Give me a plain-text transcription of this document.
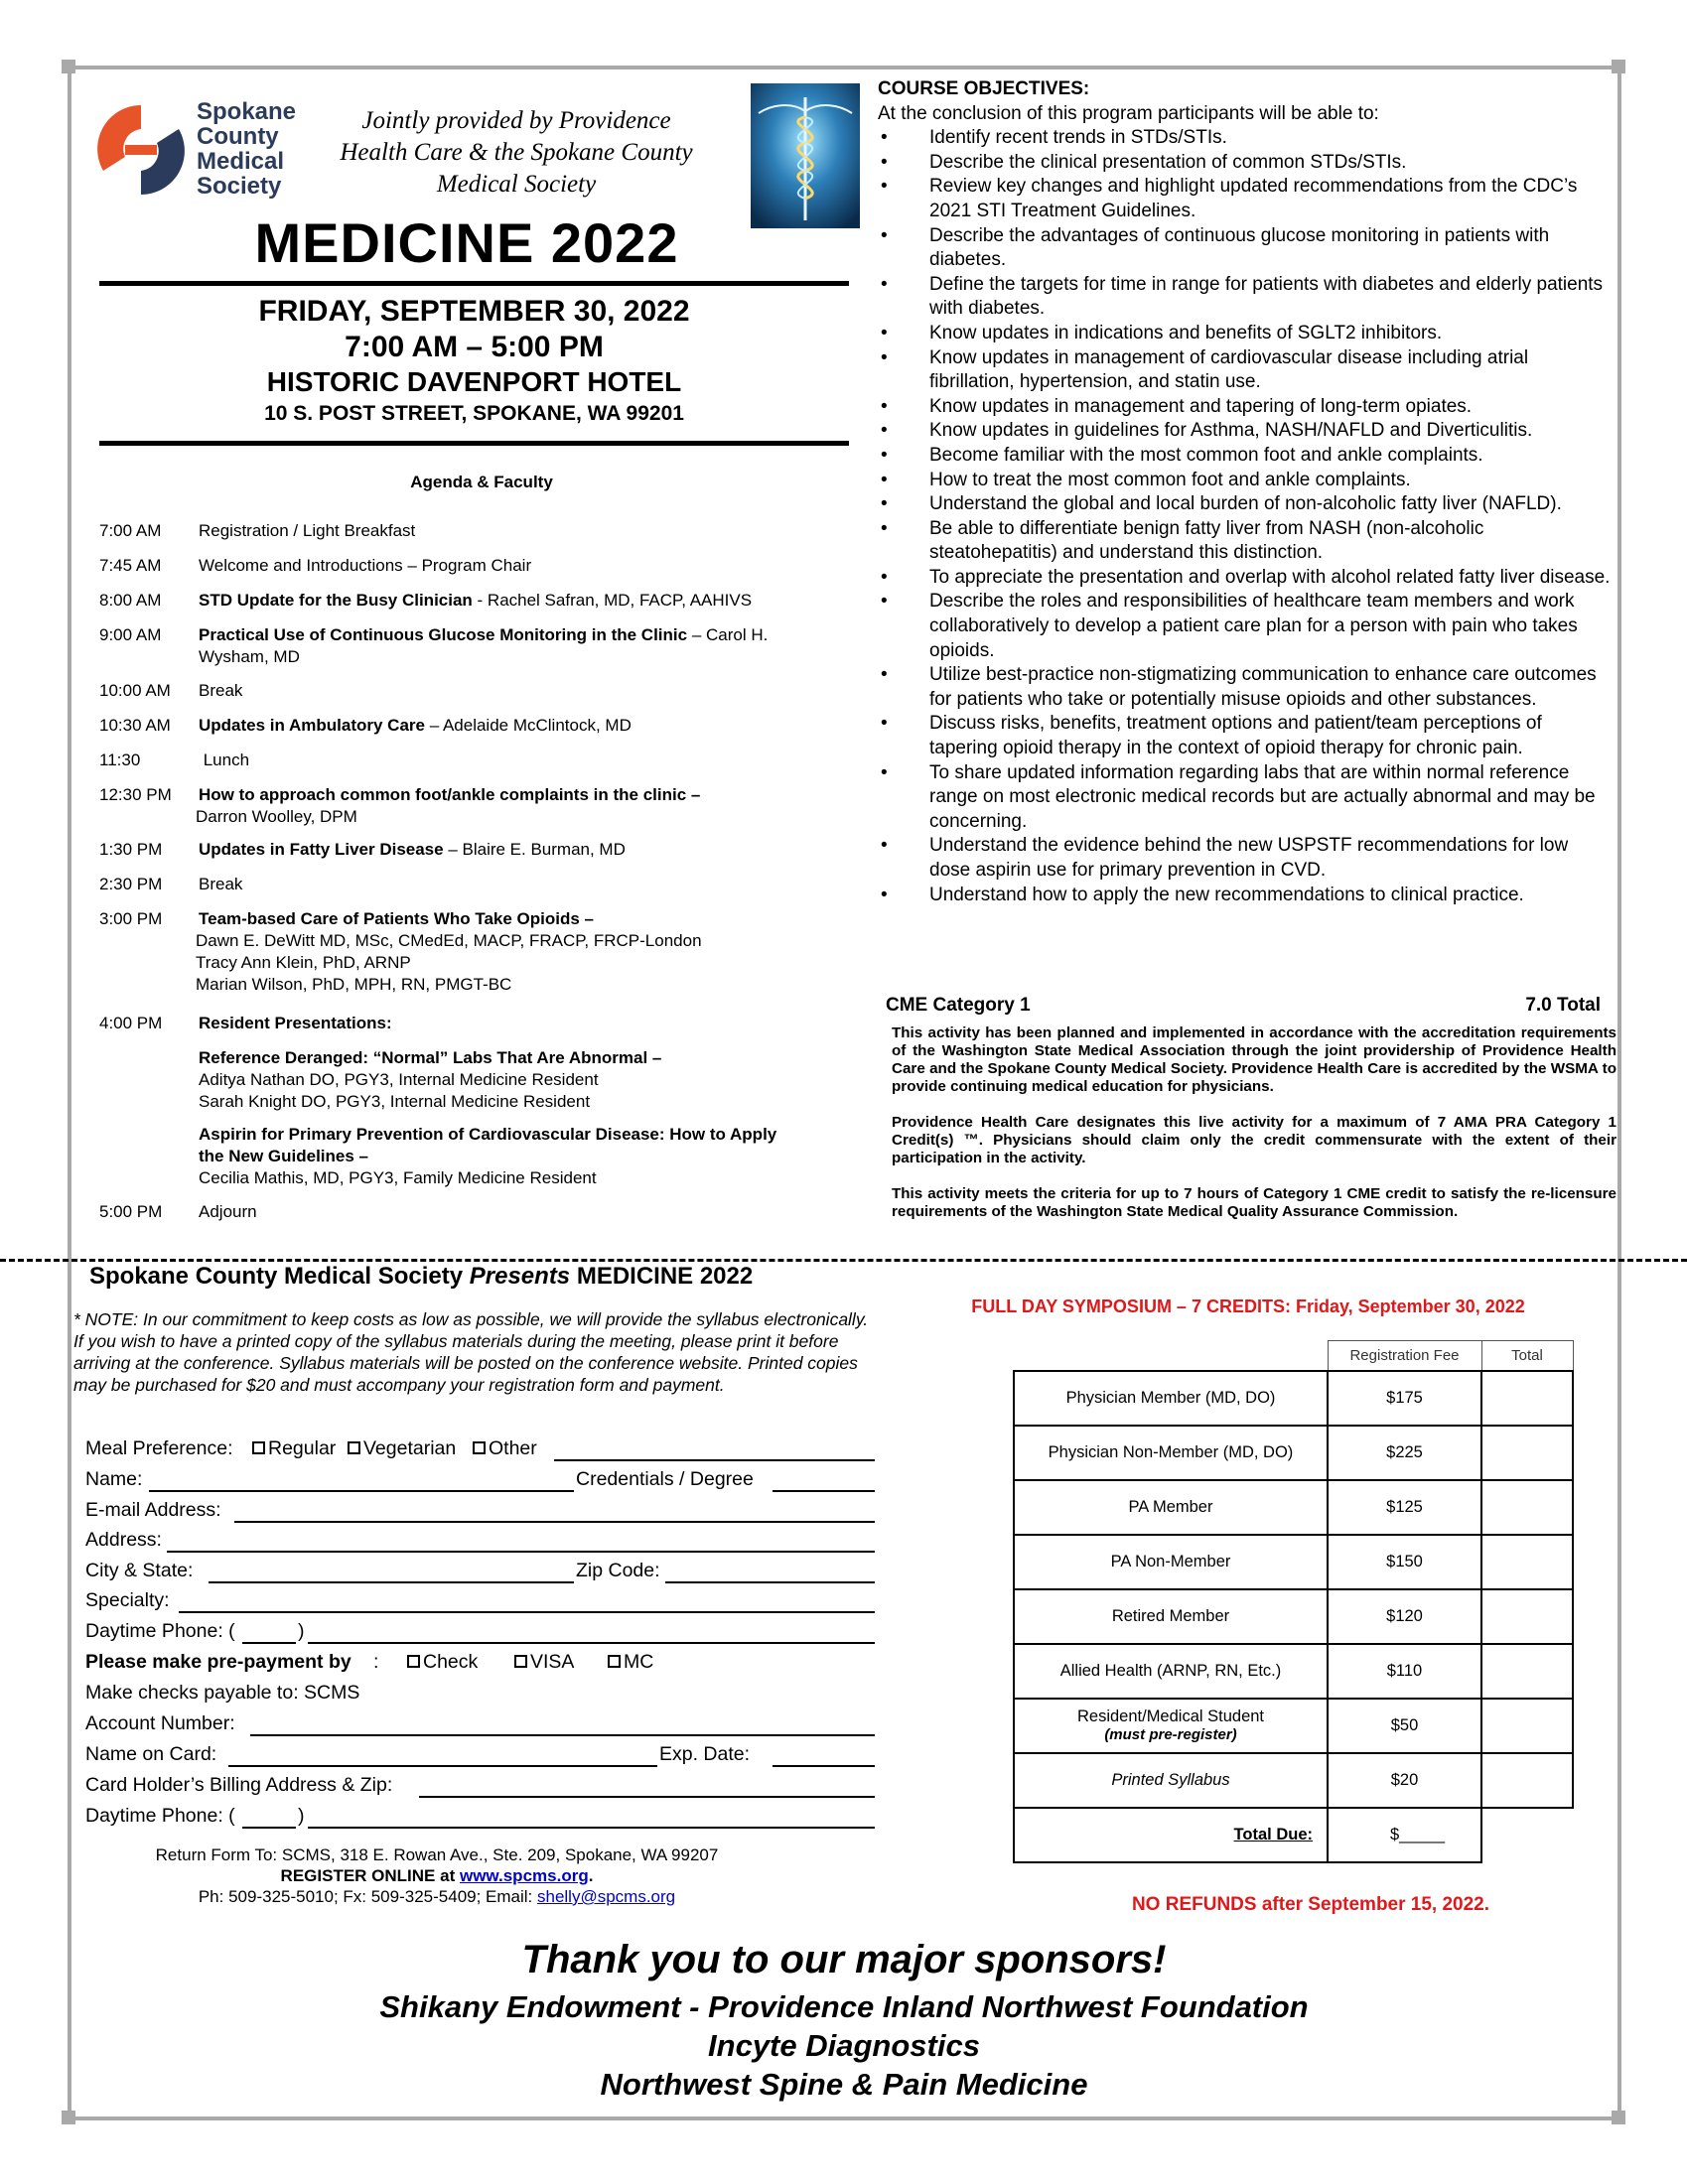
Spokane
County
Medical
Society
Jointly provided by Providence
Health Care & the Spokane County
Medical Society
MEDICINE 2022
FRIDAY, SEPTEMBER 30, 2022
7:00 AM – 5:00 PM
HISTORIC DAVENPORT HOTEL
10 S. POST STREET, SPOKANE, WA 99201
Agenda & Faculty
7:00 AM	Registration / Light Breakfast
7:45 AM	Welcome and Introductions – Program Chair
8:00 AM	STD Update for the Busy Clinician - Rachel Safran, MD, FACP, AAHIVS
9:00 AM	Practical Use of Continuous Glucose Monitoring in the Clinic – Carol H.
Wysham, MD
10:00 AM	Break
10:30 AM	Updates in Ambulatory Care – Adelaide McClintock, MD
11:30	Lunch
12:30 PM	How to approach common foot/ankle complaints in the clinic –
Darron Woolley, DPM
1:30 PM	Updates in Fatty Liver Disease – Blaire E. Burman, MD
2:30 PM	Break
3:00 PM	Team-based Care of Patients Who Take Opioids –
Dawn E. DeWitt MD, MSc, CMedEd, MACP, FRACP, FRCP-London
Tracy Ann Klein, PhD, ARNP
Marian Wilson, PhD, MPH, RN, PMGT-BC
4:00 PM	Resident Presentations:
Reference Deranged: “Normal” Labs That Are Abnormal –
Aditya Nathan DO, PGY3, Internal Medicine Resident
Sarah Knight DO, PGY3, Internal Medicine Resident
Aspirin for Primary Prevention of Cardiovascular Disease: How to Apply
the New Guidelines –
Cecilia Mathis, MD, PGY3, Family Medicine Resident
5:00 PM	Adjourn
COURSE OBJECTIVES:
At the conclusion of this program participants will be able to:
• Identify recent trends in STDs/STIs.
• Describe the clinical presentation of common STDs/STIs.
• Review key changes and highlight updated recommendations from the CDC’s 2021 STI Treatment Guidelines.
• Describe the advantages of continuous glucose monitoring in patients with diabetes.
• Define the targets for time in range for patients with diabetes and elderly patients with diabetes.
• Know updates in indications and benefits of SGLT2 inhibitors.
• Know updates in management of cardiovascular disease including atrial fibrillation, hypertension, and statin use.
• Know updates in management and tapering of long-term opiates.
• Know updates in guidelines for Asthma, NASH/NAFLD and Diverticulitis.
• Become familiar with the most common foot and ankle complaints.
• How to treat the most common foot and ankle complaints.
• Understand the global and local burden of non-alcoholic fatty liver (NAFLD).
• Be able to differentiate benign fatty liver from NASH (non-alcoholic steatohepatitis) and understand this distinction.
• To appreciate the presentation and overlap with alcohol related fatty liver disease.
• Describe the roles and responsibilities of healthcare team members and work collaboratively to develop a patient care plan for a person with pain who takes opioids.
• Utilize best-practice non-stigmatizing communication to enhance care outcomes for patients who take or potentially misuse opioids and other substances.
• Discuss risks, benefits, treatment options and patient/team perceptions of tapering opioid therapy in the context of opioid therapy for chronic pain.
• To share updated information regarding labs that are within normal reference range on most electronic medical records but are actually abnormal and may be concerning.
• Understand the evidence behind the new USPSTF recommendations for low dose aspirin use for primary prevention in CVD.
• Understand how to apply the new recommendations to clinical practice.
CME Category 1	7.0 Total

This activity has been planned and implemented in accordance with the accreditation requirements of the Washington State Medical Association through the joint providership of Providence Health Care and the Spokane County Medical Society. Providence Health Care is accredited by the WSMA to provide continuing medical education for physicians.

Providence Health Care designates this live activity for a maximum of 7 AMA PRA Category 1 Credit(s) ™. Physicians should claim only the credit commensurate with the extent of their participation in the activity.

This activity meets the criteria for up to 7 hours of Category 1 CME credit to satisfy the re-licensure requirements of the Washington State Medical Quality Assurance Commission.

Spokane County Medical Society Presents MEDICINE 2022
* NOTE: In our commitment to keep costs as low as possible, we will provide the syllabus electronically. If you wish to have a printed copy of the syllabus materials during the meeting, please print it before arriving at the conference. Syllabus materials will be posted on the conference website. Printed copies may be purchased for $20 and must accompany your registration form and payment.
Meal Preference:	Regular	Vegetarian	Other
Name:	Credentials / Degree
E-mail Address:
Address:
City & State:	Zip Code:
Specialty:
Daytime Phone: (	)
Please make pre-payment by :	Check	VISA	MC
Make checks payable to: SCMS
Account Number:
Name on Card:	Exp. Date:
Card Holder’s Billing Address & Zip:
Daytime Phone: (	)
Return Form To: SCMS, 318 E. Rowan Ave., Ste. 209, Spokane, WA 99207
REGISTER ONLINE at www.spcms.org.
Ph: 509-325-5010; Fx: 509-325-5409; Email: shelly@spcms.org
FULL DAY SYMPOSIUM – 7 CREDITS: Friday, September 30, 2022
	Registration Fee	Total
Physician Member (MD, DO)	$175	
Physician Non-Member (MD, DO)	$225	
PA Member	$125	
PA Non-Member	$150	
Retired Member	$120	
Allied Health (ARNP, RN, Etc.)	$110	
Resident/Medical Student
(must pre-register)	$50	
Printed Syllabus	$20	
Total Due:	$_____	
NO REFUNDS after September 15, 2022.
Thank you to our major sponsors!
Shikany Endowment - Providence Inland Northwest Foundation
Incyte Diagnostics
Northwest Spine & Pain Medicine
